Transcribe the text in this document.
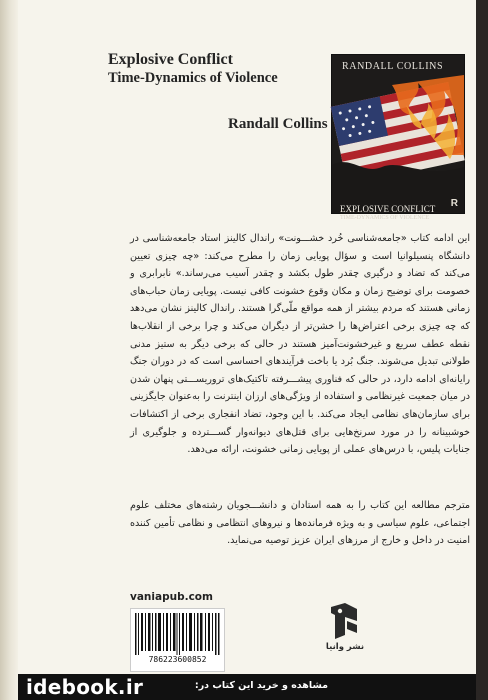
Explosive Conflict
Time-Dynamics of Violence
Randall Collins
RANDALL COLLINS
EXPLOSIVE CONFLICT
TIME-DYNAMICS OF VIOLENCE
R

این ادامه کتاب «جامعه‌شناسی خُرد خشـــونت» راندال کالینز استاد جامعه‌شناسی در دانشگاه پنسیلوانیا است و سؤال پویایی زمان را مطرح می‌کند: «چه چیزی تعیین می‌کند که تضاد و درگیری چقدر طول بکشد و چقدر آسیب می‌رساند.» نابرابری و خصومت برای توضیح زمان و مکان وقوع خشونت کافی نیست. پویایی زمان حباب‌های زمانی هستند که مردم بیشتر از همه مواقع ملّی‌گرا هستند. راندال کالینز نشان می‌دهد که چه چیزی برخی اعتراض‌ها را خشن‌تر از دیگران می‌کند و چرا برخی از انقلاب‌ها نقطه عطف سریع و غیرخشونت‌آمیز هستند در حالی که برخی دیگر به ستیز مدنی طولانی تبدیل می‌شوند. جنگ بُرد یا باخت فرآیندهای احساسی است که در دوران جنگ رایانه‌ای ادامه دارد، در حالی که فناوری پیشـــرفته تاکتیک‌های تروریســـتی پنهان شدن در میان جمعیت غیرنظامی و استفاده از ویژگی‌های ارزان اینترنت را به‌عنوان جایگزینی برای سازمان‌های نظامی ایجاد می‌کند. با این وجود، تضاد انفجاری برخی از اکتشافات خوشبینانه را در مورد سرنخ‌هایی برای قتل‌های دیوانه‌وار گســـترده و جلوگیری از جنایات پلیس، با درس‌های عملی از پویایی زمانی خشونت، ارائه می‌دهد.

مترجم مطالعه این کتاب را به همه استادان و دانشـــجویان رشته‌های مختلف علوم اجتماعی، علوم سیاسی و به ویژه فرمانده‌ها و نیروهای انتظامی و نظامی تأمین کننده امنیت در داخل و خارج از مرزهای ایران عزیز توصیه می‌نماید.

vaniapub.com
786223600852
نشر وانیا
idebook.ir	مشاهده و خرید این کتاب در:
